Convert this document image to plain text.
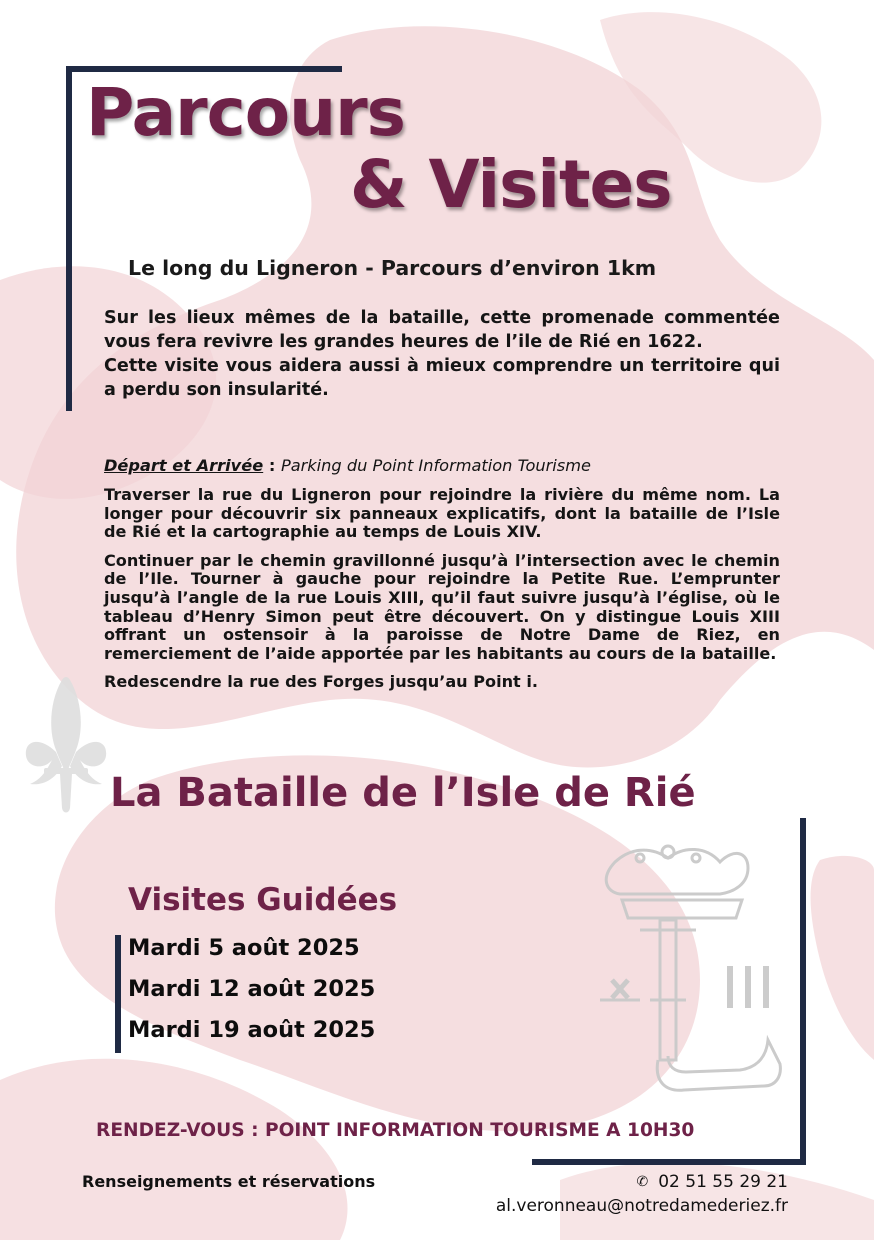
Parcours
& Visites
Le long du Ligneron - Parcours d’environ 1km

Sur les lieux mêmes de la bataille, cette promenade commentée vous fera revivre les grandes heures de l’ile de Rié en 1622.

Cette visite vous aidera aussi à mieux comprendre un territoire qui a perdu son insularité.

Départ et Arrivée : Parking du Point Information Tourisme

Traverser la rue du Ligneron pour rejoindre la rivière du même nom. La longer pour découvrir six panneaux explicatifs, dont la bataille de l’Isle de Rié et la cartographie au temps de Louis XIV.

Continuer par le chemin gravillonné jusqu’à l’intersection avec le chemin de l’Ile. Tourner à gauche pour rejoindre la Petite Rue. L’emprunter jusqu’à l’angle de la rue Louis XIII, qu’il faut suivre jusqu’à l’église, où le tableau d’Henry Simon peut être découvert. On y distingue Louis XIII offrant un ostensoir à la paroisse de Notre Dame de Riez, en remerciement de l’aide apportée par les habitants au cours de la bataille.

Redescendre la rue des Forges jusqu’au Point i.

La Bataille de l’Isle de Rié
Visites Guidées
Mardi 5 août 2025
Mardi 12 août 2025
Mardi 19 août 2025
RENDEZ-VOUS : POINT INFORMATION TOURISME A 10H30
Renseignements et réservations	✆ 02 51 55 29 21
al.veronneau@notredamederiez.fr
